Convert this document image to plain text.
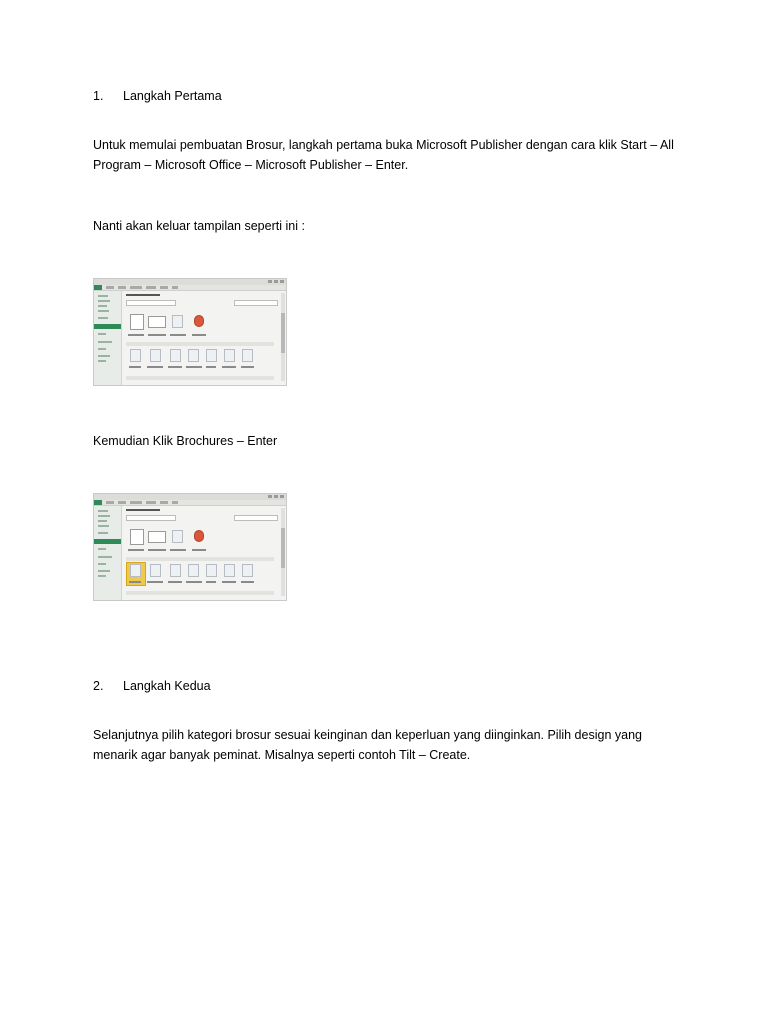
1.	Langkah Pertama

Untuk memulai pembuatan Brosur, langkah pertama buka Microsoft Publisher dengan cara klik Start – All Program – Microsoft Office – Microsoft Publisher – Enter.

Nanti akan keluar tampilan seperti ini :

Kemudian Klik Brochures – Enter

2.	Langkah Kedua

Selanjutnya pilih kategori brosur sesuai keinginan dan keperluan yang diinginkan. Pilih design yang menarik agar banyak peminat. Misalnya seperti contoh Tilt – Create.
